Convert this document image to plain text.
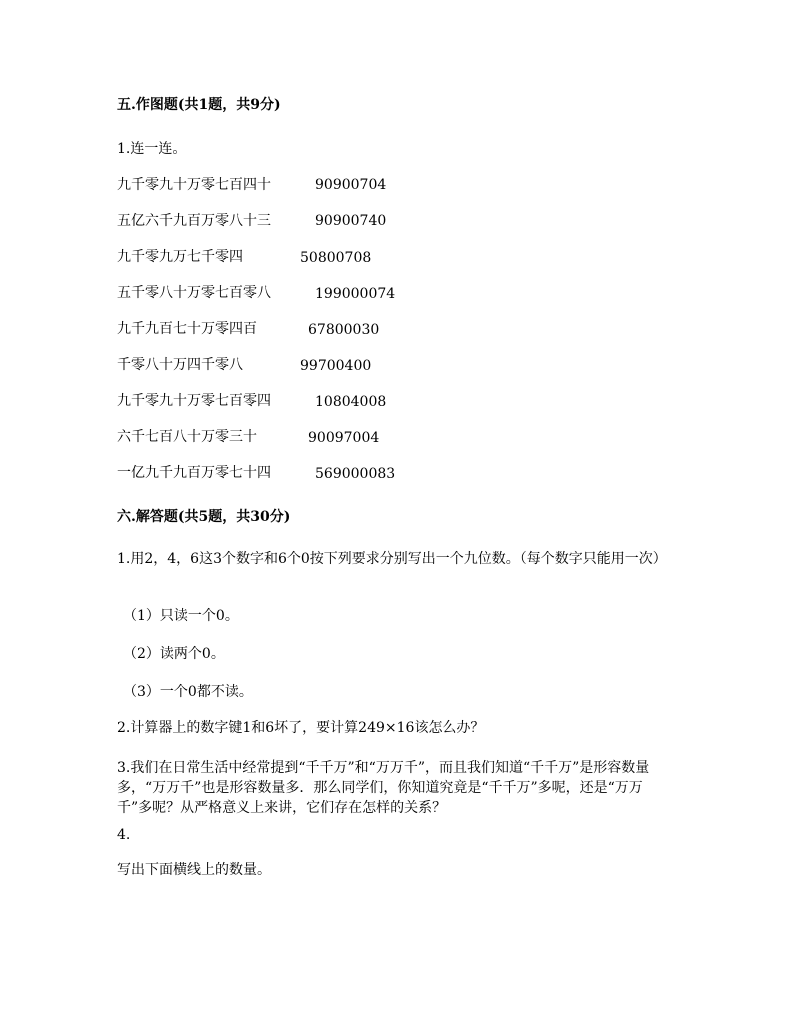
五.作图题(共1题，共9分)
1.连一连。
九千零九十万零七百四十	90900704
五亿六千九百万零八十三	90900740
九千零九万七千零四	50800708
五千零八十万零七百零八	199000074
九千九百七十万零四百	67800030
千零八十万四千零八	99700400
九千零九十万零七百零四	10804008
六千七百八十万零三十	90097004
一亿九千九百万零七十四	569000083
六.解答题(共5题，共30分)
1.用2，4，6这3个数字和6个0按下列要求分别写出一个九位数。（每个数字只能用一次）
（1）只读一个0。
（2）读两个0。
（3）一个0都不读。
2.计算器上的数字键1和6坏了，要计算249×16该怎么办？
3.我们在日常生活中经常提到“千千万”和“万万千”，而且我们知道“千千万”是形容数量多，“万万千”也是形容数量多．那么同学们，你知道究竟是“千千万”多呢，还是“万万千”多呢？从严格意义上来讲，它们存在怎样的关系？
4.
写出下面横线上的数量。
